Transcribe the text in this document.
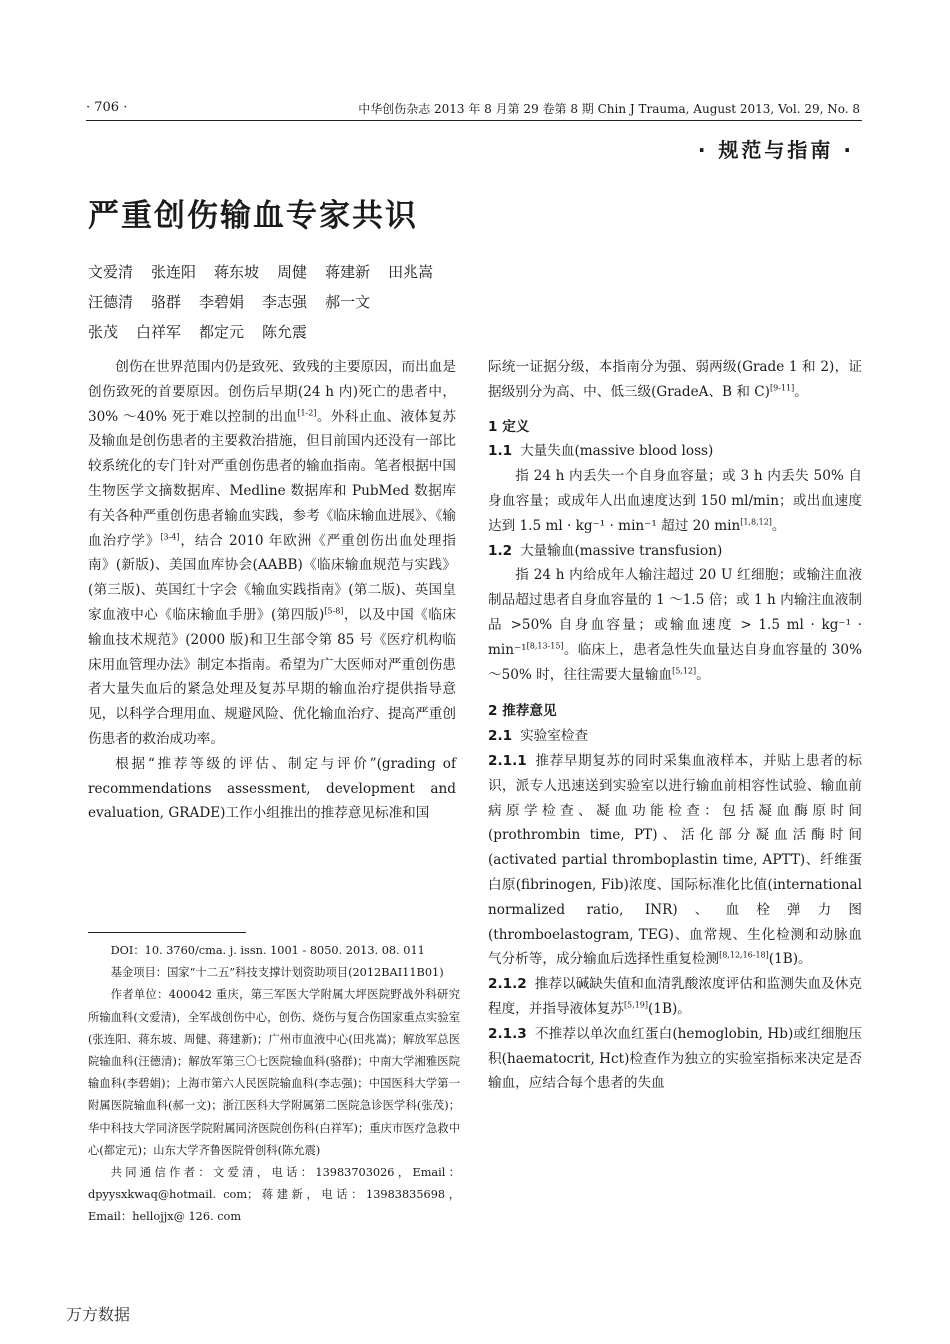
· 706 ·	中华创伤杂志 2013 年 8 月第 29 卷第 8 期 Chin J Trauma, August 2013, Vol. 29, No. 8
· 规范与指南 ·
严重创伤输血专家共识
文爱清 张连阳 蒋东坡 周健 蒋建新 田兆嵩
汪德清 骆群 李碧娟 李志强 郝一文
张茂 白祥军 都定元 陈允震

创伤在世界范围内仍是致死、致残的主要原因，而出血是创伤致死的首要原因。创伤后早期(24 h 内)死亡的患者中，30% ～40% 死于难以控制的出血[1-2]。外科止血、液体复苏及输血是创伤患者的主要救治措施，但目前国内还没有一部比较系统化的专门针对严重创伤患者的输血指南。笔者根据中国生物医学文摘数据库、Medline 数据库和 PubMed 数据库有关各种严重创伤患者输血实践，参考《临床输血进展》、《输血治疗学》[3-4]，结合 2010 年欧洲《严重创伤出血处理指南》(新版)、美国血库协会(AABB)《临床输血规范与实践》(第三版)、英国红十字会《输血实践指南》(第二版)、英国皇家血液中心《临床输血手册》(第四版)[5-8]，以及中国《临床输血技术规范》(2000 版)和卫生部令第 85 号《医疗机构临床用血管理办法》制定本指南。希望为广大医师对严重创伤患者大量失血后的紧急处理及复苏早期的输血治疗提供指导意见，以科学合理用血、规避风险、优化输血治疗、提高严重创伤患者的救治成功率。

根据“推荐等级的评估、制定与评价”(grading of recommendations assessment, development and evaluation, GRADE)工作小组推出的推荐意见标准和国

DOI：10. 3760/cma. j. issn. 1001 - 8050. 2013. 08. 011

基金项目：国家“十二五”科技支撑计划资助项目(2012BAI11B01)

作者单位：400042 重庆，第三军医大学附属大坪医院野战外科研究所输血科(文爱清)，全军战创伤中心，创伤、烧伤与复合伤国家重点实验室(张连阳、蒋东坡、周健、蒋建新)；广州市血液中心(田兆嵩)；解放军总医院输血科(汪德清)；解放军第三〇七医院输血科(骆群)；中南大学湘雅医院输血科(李碧娟)；上海市第六人民医院输血科(李志强)；中国医科大学第一附属医院输血科(郝一文)；浙江医科大学附属第二医院急诊医学科(张茂)；华中科技大学同济医学院附属同济医院创伤科(白祥军)；重庆市医疗急救中心(都定元)；山东大学齐鲁医院骨创科(陈允震)

共同通信作者：文爱清，电话：13983703026，Email：dpyysxkwaq@hotmail. com；蒋建新，电话：13983835698，Email：hellojjx@ 126. com

际统一证据分级，本指南分为强、弱两级(Grade 1 和 2)，证据级别分为高、中、低三级(GradeA、B 和 C)[9-11]。

1 定义

1.1 大量失血(massive blood loss)

指 24 h 内丢失一个自身血容量；或 3 h 内丢失 50% 自身血容量；或成年人出血速度达到 150 ml/min；或出血速度达到 1.5 ml · kg⁻¹ · min⁻¹ 超过 20 min[1,8,12]。

1.2 大量输血(massive transfusion)

指 24 h 内给成年人输注超过 20 U 红细胞；或输注血液制品超过患者自身血容量的 1 ～1.5 倍；或 1 h 内输注血液制品 >50% 自身血容量；或输血速度 > 1.5 ml · kg⁻¹ · min⁻¹[8,13-15]。临床上，患者急性失血量达自身血容量的 30% ～50% 时，往往需要大量输血[5,12]。

2 推荐意见

2.1 实验室检查

2.1.1 推荐早期复苏的同时采集血液样本，并贴上患者的标识，派专人迅速送到实验室以进行输血前相容性试验、输血前病原学检查、凝血功能检查：包括凝血酶原时间(prothrombin time, PT)、活化部分凝血活酶时间(activated partial thromboplastin time, APTT)、纤维蛋白原(fibrinogen, Fib)浓度、国际标准化比值(international normalized ratio, INR)、血栓弹力图(thromboelastogram, TEG)、血常规、生化检测和动脉血气分析等，成分输血后选择性重复检测[8,12,16-18](1B)。

2.1.2 推荐以碱缺失值和血清乳酸浓度评估和监测失血及休克程度，并指导液体复苏[5,19](1B)。

2.1.3 不推荐以单次血红蛋白(hemoglobin, Hb)或红细胞压积(haematocrit, Hct)检查作为独立的实验室指标来决定是否输血，应结合每个患者的失血

万方数据
